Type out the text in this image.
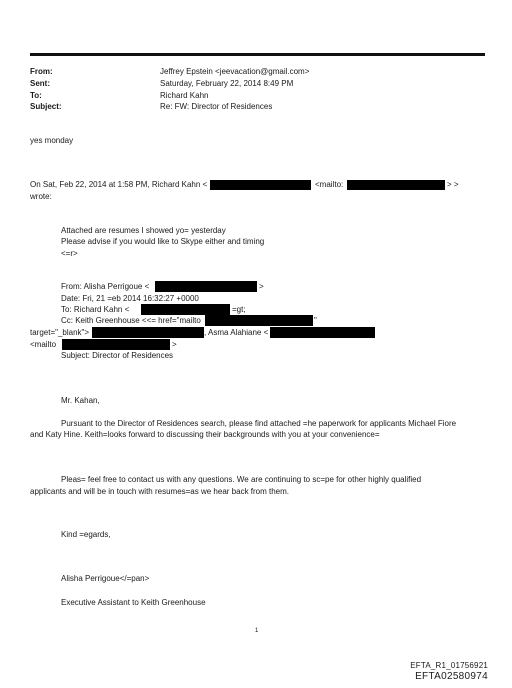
From:	Jeffrey Epstein <jeevacation@gmail.com>
Sent:	Saturday, February 22, 2014 8:49 PM
To:	Richard Kahn
Subject:	Re: FW: Director of Residences
yes monday
On Sat, Feb 22, 2014 at 1:58 PM, Richard Kahn <	<mailto:	> >
wrote:
Attached are resumes I showed yo= yesterday
Please advise if you would like to Skype either and timing
<=r>
From: Alisha Perrigoue <	>
Date: Fri, 21 =eb 2014 16:32:27 +0000
To: Richard Kahn <	=gt;
Cc: Keith Greenhouse <<= href="mailto	"
target="_blank">	, Asma Alahiane <
<mailto	>
Subject: Director of Residences
Mr. Kahan,
Pursuant to the Director of Residences search, please find attached =he paperwork for applicants Michael Fiore
and Katy Hine. Keith=looks forward to discussing their backgrounds with you at your convenience=
Pleas= feel free to contact us with any questions. We are continuing to sc=pe for other highly qualified
applicants and will be in touch with resumes=as we hear back from them.
Kind =egards,
Alisha Perrigoue</=pan>
Executive Assistant to Keith Greenhouse
1
EFTA_R1_01756921
EFTA02580974
